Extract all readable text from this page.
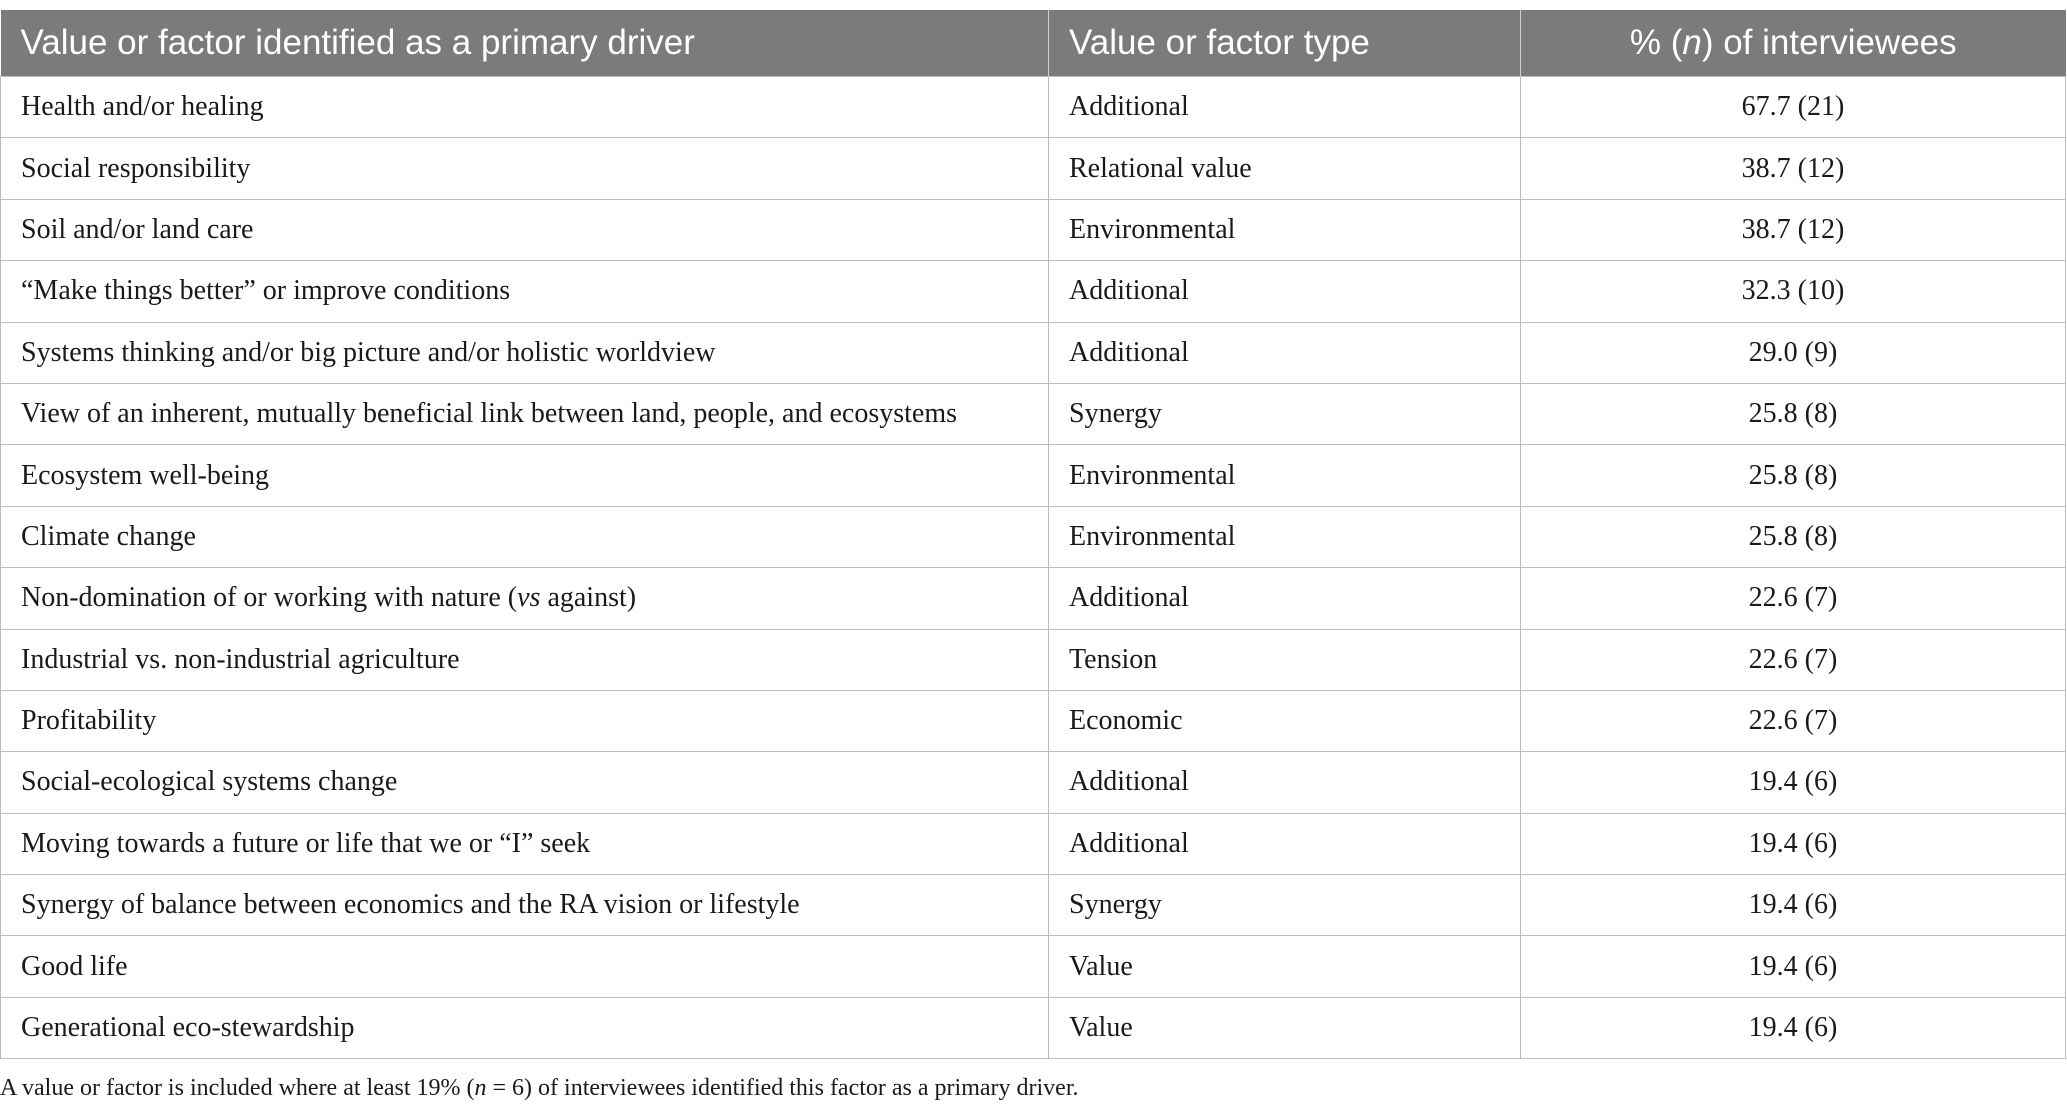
Value or factor identified as a primary driver	Value or factor type	% (n) of interviewees
Health and/or healing	Additional	67.7 (21)
Social responsibility	Relational value	38.7 (12)
Soil and/or land care	Environmental	38.7 (12)
“Make things better” or improve conditions	Additional	32.3 (10)
Systems thinking and/or big picture and/or holistic worldview	Additional	29.0 (9)
View of an inherent, mutually beneficial link between land, people, and ecosystems	Synergy	25.8 (8)
Ecosystem well-being	Environmental	25.8 (8)
Climate change	Environmental	25.8 (8)
Non-domination of or working with nature (vs against)	Additional	22.6 (7)
Industrial vs. non-industrial agriculture	Tension	22.6 (7)
Profitability	Economic	22.6 (7)
Social-ecological systems change	Additional	19.4 (6)
Moving towards a future or life that we or “I” seek	Additional	19.4 (6)
Synergy of balance between economics and the RA vision or lifestyle	Synergy	19.4 (6)
Good life	Value	19.4 (6)
Generational eco-stewardship	Value	19.4 (6)
A value or factor is included where at least 19% (n = 6) of interviewees identified this factor as a primary driver.
